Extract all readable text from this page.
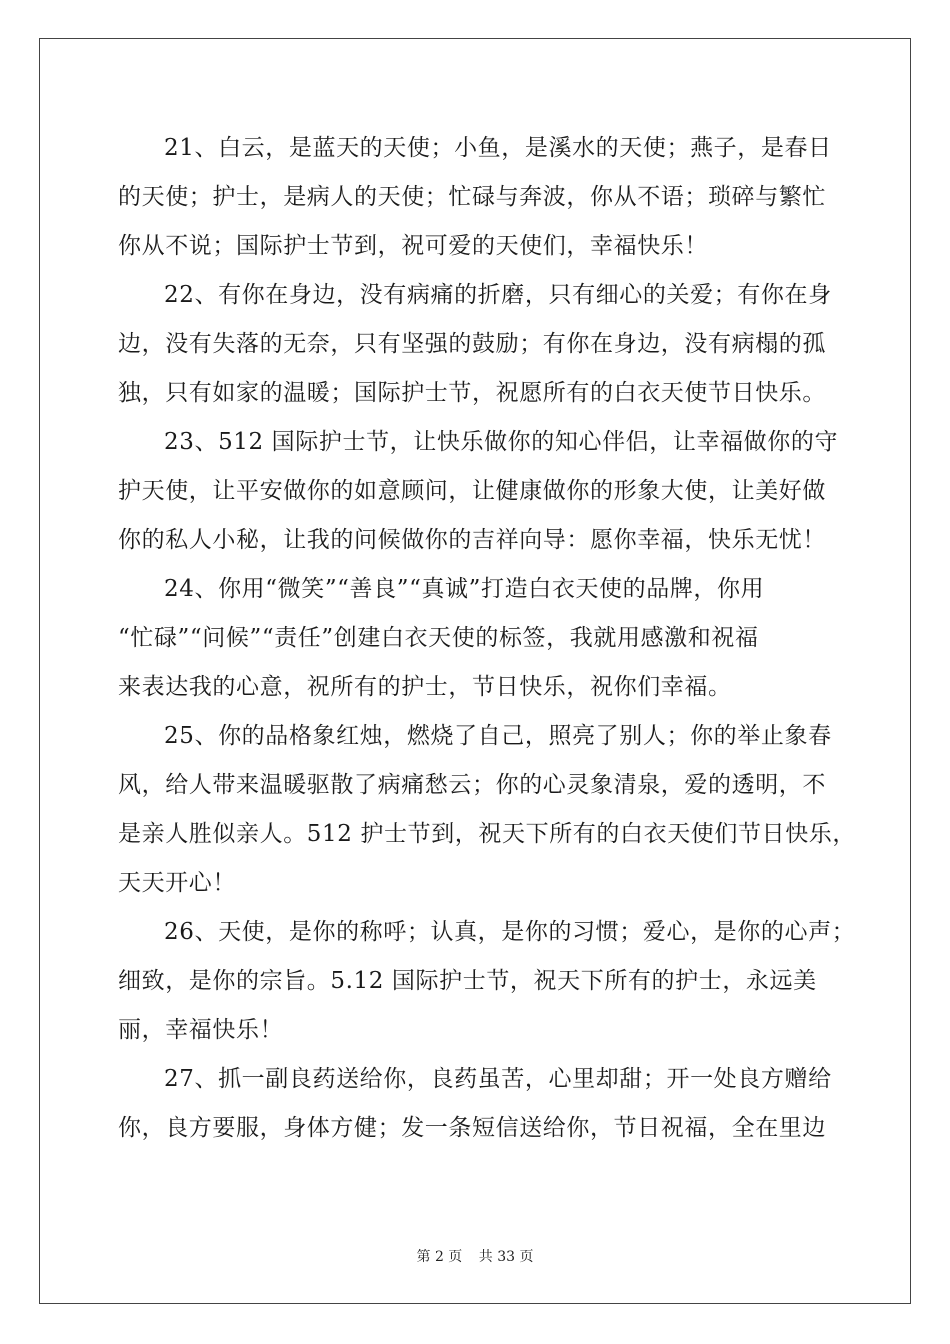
21、白云，是蓝天的天使；小鱼，是溪水的天使；燕子，是春日

的天使；护士，是病人的天使；忙碌与奔波，你从不语；琐碎与繁忙
你从不说；国际护士节到，祝可爱的天使们，幸福快乐！

22、有你在身边，没有病痛的折磨，只有细心的关爱；有你在身

边，没有失落的无奈，只有坚强的鼓励；有你在身边，没有病榻的孤
独，只有如家的温暖；国际护士节，祝愿所有的白衣天使节日快乐。

23、512 国际护士节，让快乐做你的知心伴侣，让幸福做你的守

护天使，让平安做你的如意顾问，让健康做你的形象大使，让美好做
你的私人小秘，让我的问候做你的吉祥向导：愿你幸福，快乐无忧！

24、你用“微笑”“善良”“真诚”打造白衣天使的品牌，你用

“忙碌”“问候”“责任”创建白衣天使的标签，我就用感激和祝福
来表达我的心意，祝所有的护士，节日快乐，祝你们幸福。

25、你的品格象红烛，燃烧了自己，照亮了别人；你的举止象春

风，给人带来温暖驱散了病痛愁云；你的心灵象清泉，爱的透明，不
是亲人胜似亲人。512 护士节到，祝天下所有的白衣天使们节日快乐，
天天开心！

26、天使，是你的称呼；认真，是你的习惯；爱心，是你的心声；

细致，是你的宗旨。5.12 国际护士节，祝天下所有的护士，永远美
丽，幸福快乐！

27、抓一副良药送给你，良药虽苦，心里却甜；开一处良方赠给

你，良方要服，身体方健；发一条短信送给你，节日祝福，全在里边
第 2 页 共 33 页
